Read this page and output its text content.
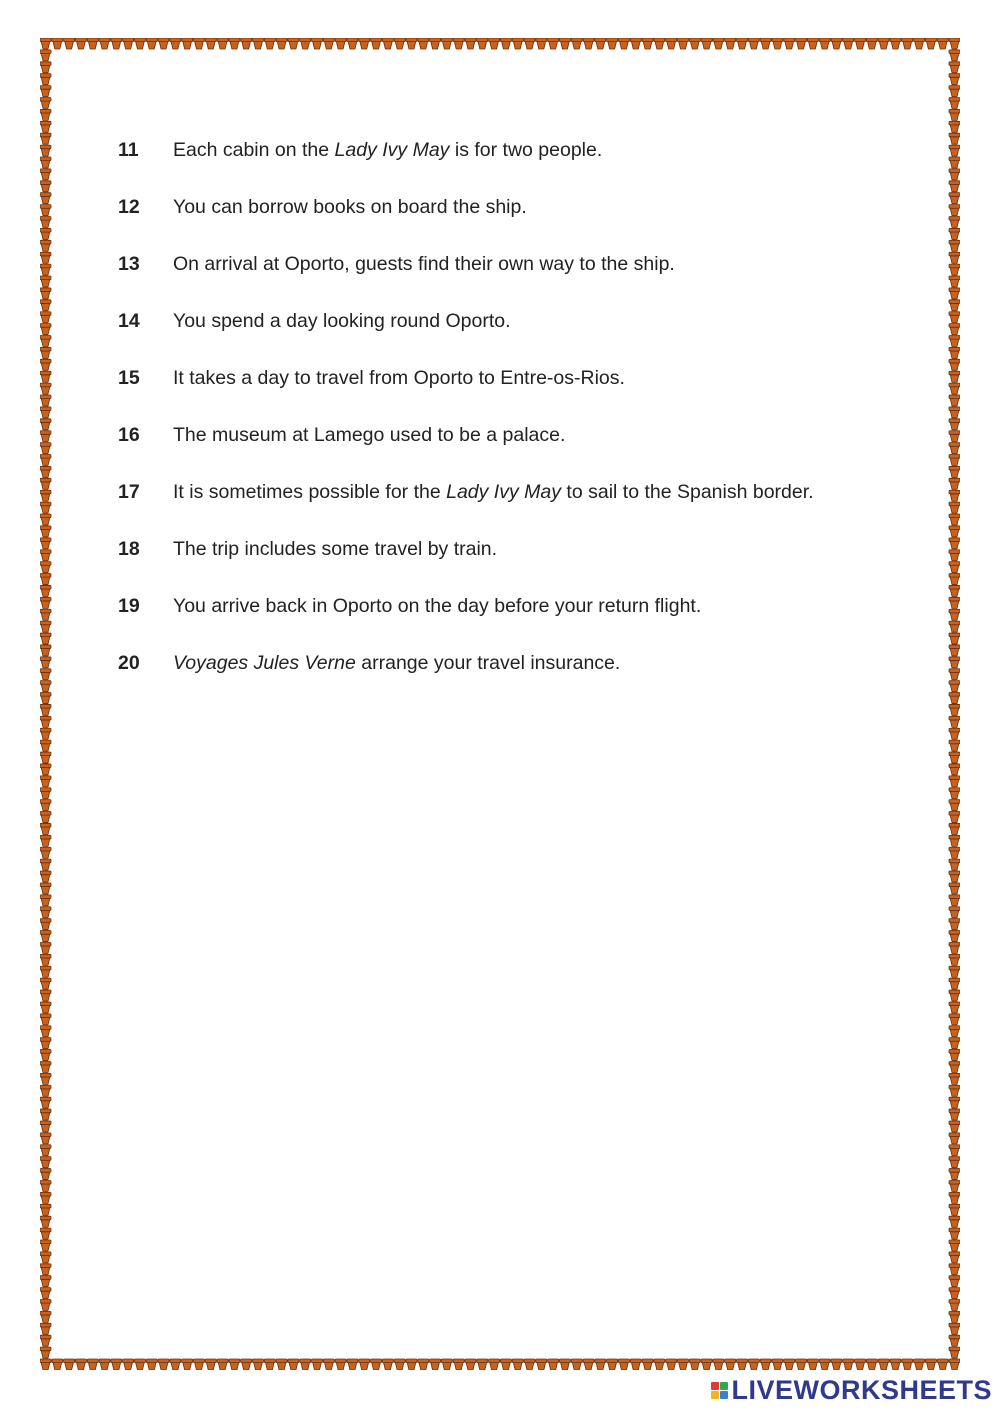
11	Each cabin on the Lady Ivy May is for two people.
12	You can borrow books on board the ship.
13	On arrival at Oporto, guests find their own way to the ship.
14	You spend a day looking round Oporto.
15	It takes a day to travel from Oporto to Entre-os-Rios.
16	The museum at Lamego used to be a palace.
17	It is sometimes possible for the Lady Ivy May to sail to the Spanish border.
18	The trip includes some travel by train.
19	You arrive back in Oporto on the day before your return flight.
20	Voyages Jules Verne arrange your travel insurance.
LIVEWORKSHEETS
